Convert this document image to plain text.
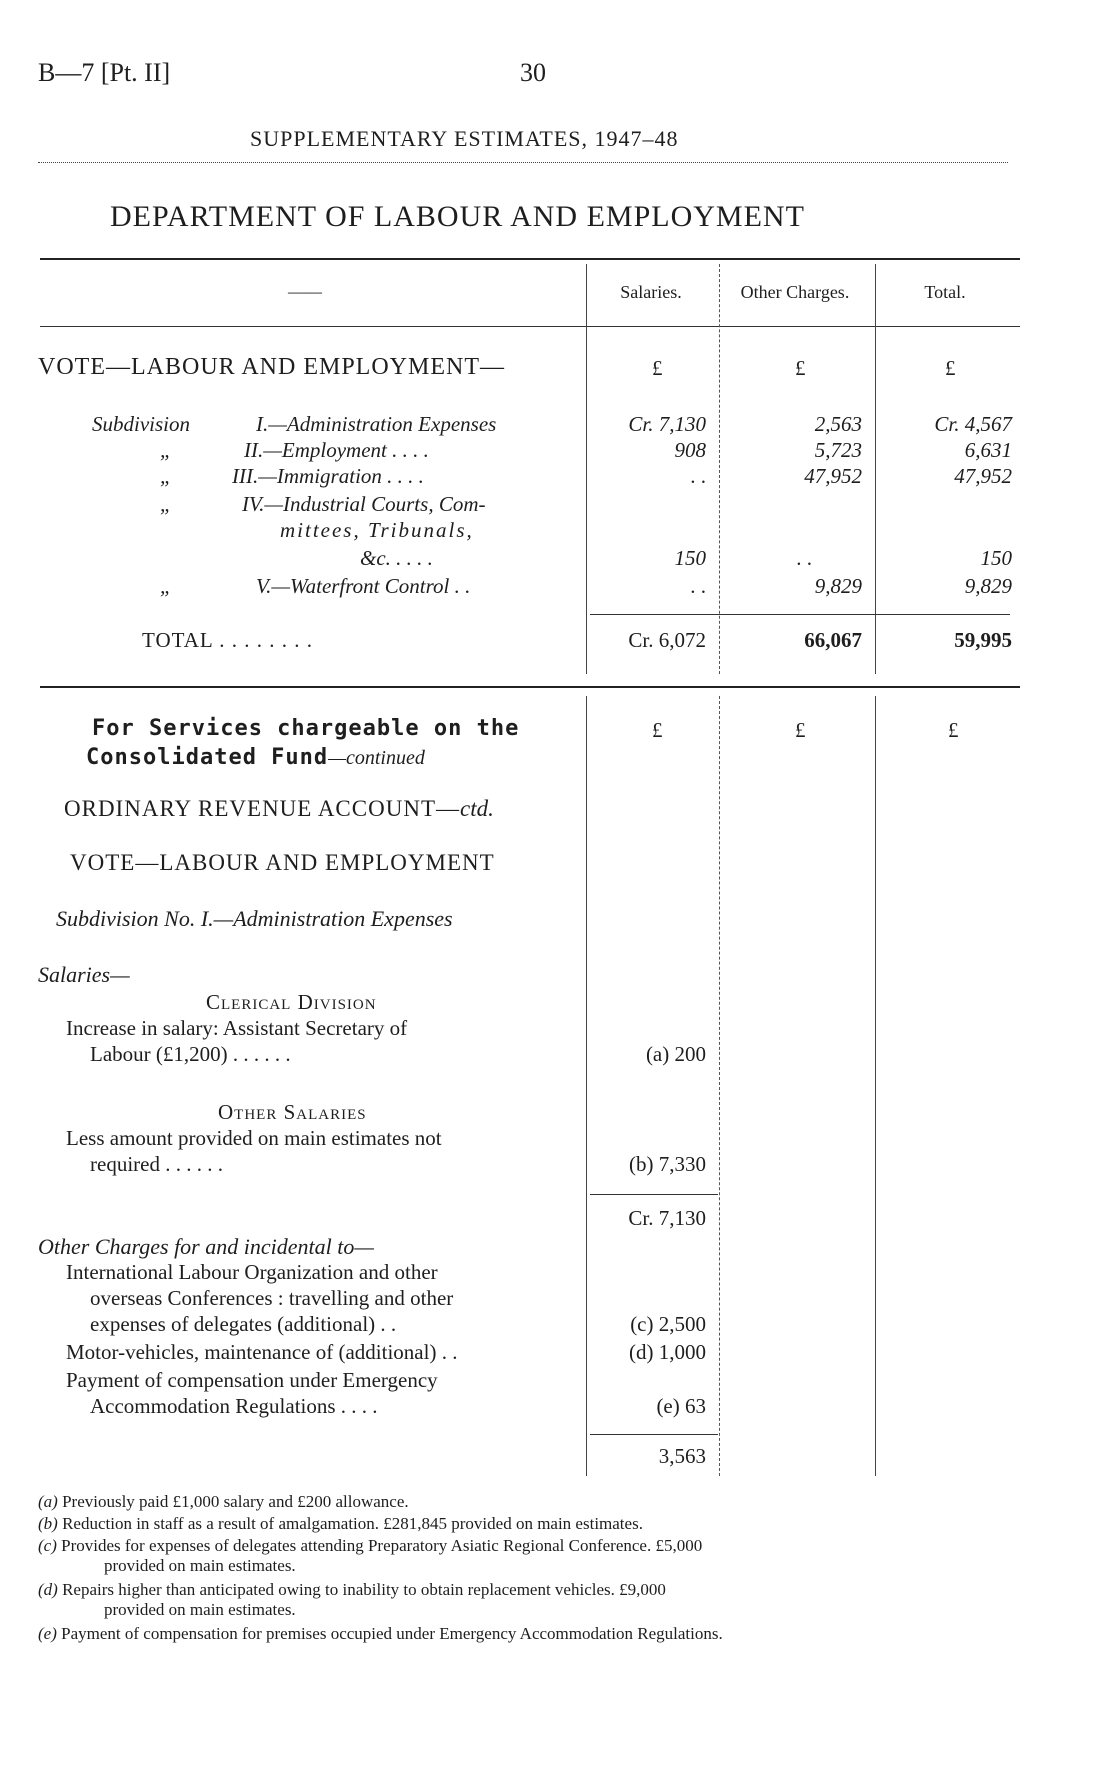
B—7 [Pt. II]	30
SUPPLEMENTARY ESTIMATES, 1947–48
DEPARTMENT OF LABOUR AND EMPLOYMENT
——	Salaries.	Other Charges.	Total.
VOTE—LABOUR AND EMPLOYMENT—	£	£	£
Subdivision	I.—Administration Expenses	Cr. 7,130	2,563	Cr. 4,567
„	II.—Employment . . . .	908	5,723	6,631
„	III.—Immigration . . . .	. .	47,952	47,952
„	IV.—Industrial Courts, Com-
mittees, Tribunals,
&c. . . . .	150	. .	150
„	V.—Waterfront Control . .	. .	9,829	9,829
TOTAL . . . . . . . .	Cr. 6,072	66,067	59,995
For Services chargeable on the
Consolidated Fund—continued
£	£	£
ORDINARY REVENUE ACCOUNT—ctd.
VOTE—LABOUR AND EMPLOYMENT
Subdivision No. I.—Administration Expenses
Salaries—
Clerical Division
Increase in salary: Assistant Secretary of
Labour (£1,200) . . . . . .	(a) 200
Other Salaries
Less amount provided on main estimates not
required . . . . . .	(b) 7,330
Cr. 7,130
Other Charges for and incidental to—
International Labour Organization and other
overseas Conferences : travelling and other
expenses of delegates (additional) . .	(c) 2,500
Motor-vehicles, maintenance of (additional) . .	(d) 1,000
Payment of compensation under Emergency
Accommodation Regulations . . . .	(e) 63
3,563
(a) Previously paid £1,000 salary and £200 allowance.
(b) Reduction in staff as a result of amalgamation. £281,845 provided on main estimates.
(c) Provides for expenses of delegates attending Preparatory Asiatic Regional Conference. £5,000
provided on main estimates.
(d) Repairs higher than anticipated owing to inability to obtain replacement vehicles. £9,000
provided on main estimates.
(e) Payment of compensation for premises occupied under Emergency Accommodation Regulations.
